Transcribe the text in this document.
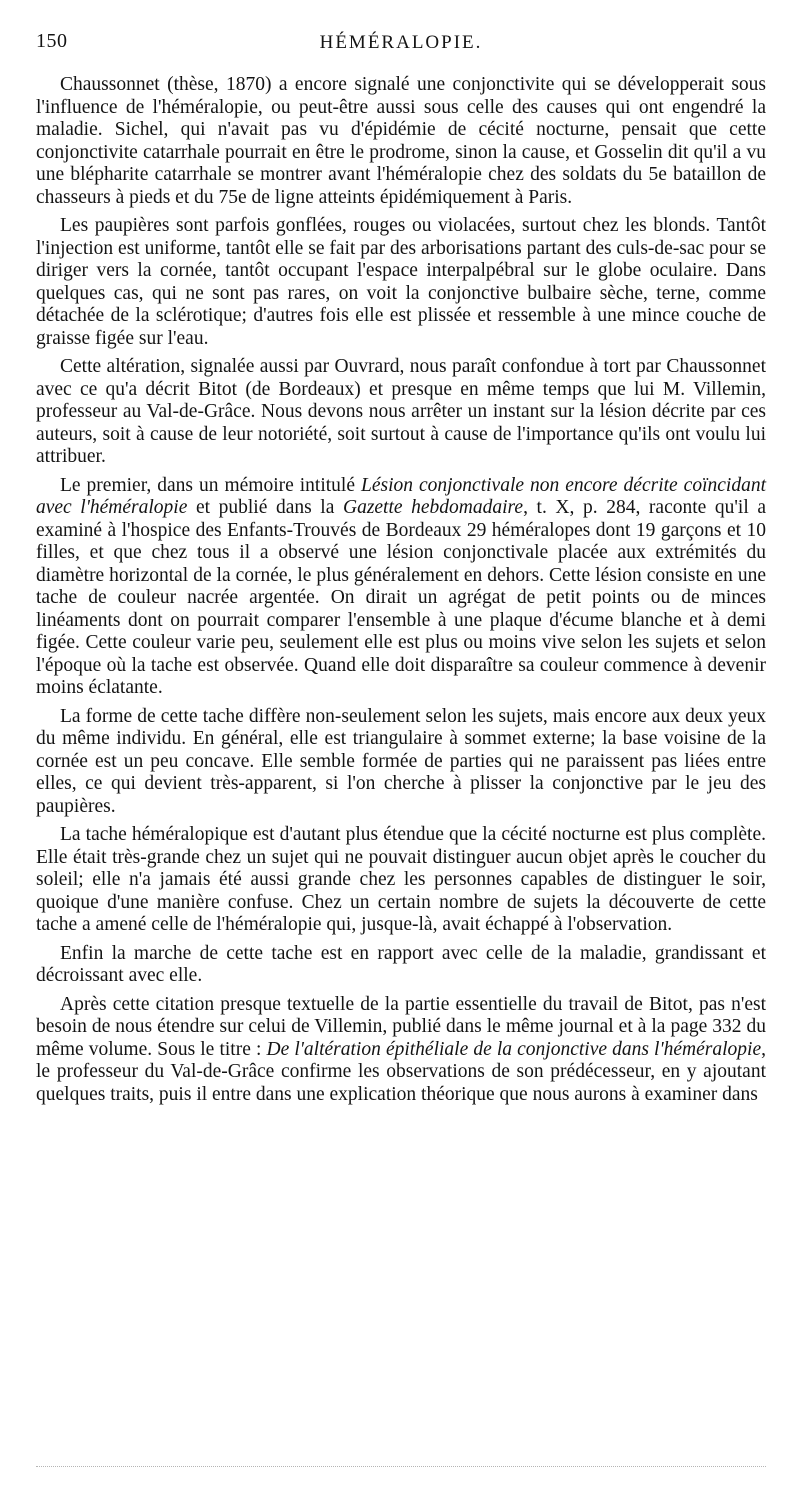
150	HÉMÉRALOPIE.

Chaussonnet (thèse, 1870) a encore signalé une conjonctivite qui se développerait sous l'influence de l'héméralopie, ou peut-être aussi sous celle des causes qui ont engendré la maladie. Sichel, qui n'avait pas vu d'épidémie de cécité nocturne, pensait que cette conjonctivite catarrhale pourrait en être le prodrome, sinon la cause, et Gosselin dit qu'il a vu une blépharite catarrhale se montrer avant l'héméralopie chez des soldats du 5e bataillon de chasseurs à pieds et du 75e de ligne atteints épidémiquement à Paris.

Les paupières sont parfois gonflées, rouges ou violacées, surtout chez les blonds. Tantôt l'injection est uniforme, tantôt elle se fait par des arborisations partant des culs-de-sac pour se diriger vers la cornée, tantôt occupant l'espace interpalpébral sur le globe oculaire. Dans quelques cas, qui ne sont pas rares, on voit la conjonctive bulbaire sèche, terne, comme détachée de la sclérotique; d'autres fois elle est plissée et ressemble à une mince couche de graisse figée sur l'eau.

Cette altération, signalée aussi par Ouvrard, nous paraît confondue à tort par Chaussonnet avec ce qu'a décrit Bitot (de Bordeaux) et presque en même temps que lui M. Villemin, professeur au Val-de-Grâce. Nous devons nous arrêter un instant sur la lésion décrite par ces auteurs, soit à cause de leur notoriété, soit surtout à cause de l'importance qu'ils ont voulu lui attribuer.

Le premier, dans un mémoire intitulé Lésion conjonctivale non encore décrite coïncidant avec l'héméralopie et publié dans la Gazette hebdomadaire, t. X, p. 284, raconte qu'il a examiné à l'hospice des Enfants-Trouvés de Bordeaux 29 héméralopes dont 19 garçons et 10 filles, et que chez tous il a observé une lésion conjonctivale placée aux extrémités du diamètre horizontal de la cornée, le plus généralement en dehors. Cette lésion consiste en une tache de couleur nacrée argentée. On dirait un agrégat de petit points ou de minces linéaments dont on pourrait comparer l'ensemble à une plaque d'écume blanche et à demi figée. Cette couleur varie peu, seulement elle est plus ou moins vive selon les sujets et selon l'époque où la tache est observée. Quand elle doit disparaître sa couleur commence à devenir moins éclatante.

La forme de cette tache diffère non-seulement selon les sujets, mais encore aux deux yeux du même individu. En général, elle est triangulaire à sommet externe; la base voisine de la cornée est un peu concave. Elle semble formée de parties qui ne paraissent pas liées entre elles, ce qui devient très-apparent, si l'on cherche à plisser la conjonctive par le jeu des paupières.

La tache héméralopique est d'autant plus étendue que la cécité nocturne est plus complète. Elle était très-grande chez un sujet qui ne pouvait distinguer aucun objet après le coucher du soleil; elle n'a jamais été aussi grande chez les personnes capables de distinguer le soir, quoique d'une manière confuse. Chez un certain nombre de sujets la découverte de cette tache a amené celle de l'héméralopie qui, jusque-là, avait échappé à l'observation.

Enfin la marche de cette tache est en rapport avec celle de la maladie, grandissant et décroissant avec elle.

Après cette citation presque textuelle de la partie essentielle du travail de Bitot, pas n'est besoin de nous étendre sur celui de Villemin, publié dans le même journal et à la page 332 du même volume. Sous le titre : De l'altération épithéliale de la conjonctive dans l'héméralopie, le professeur du Val-de-Grâce confirme les observations de son prédécesseur, en y ajoutant quelques traits, puis il entre dans une explication théorique que nous aurons à examiner dans
